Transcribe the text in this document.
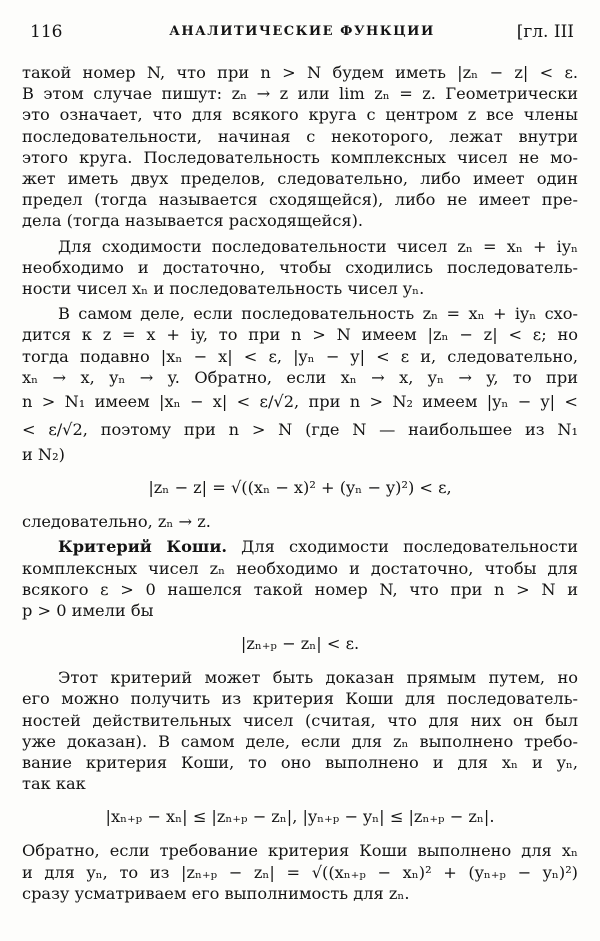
116	АНАЛИТИЧЕСКИЕ ФУНКЦИИ	[гл. III
такой номер N, что при n > N будем иметь |zₙ − z| < ε.
В этом случае пишут: zₙ → z или lim zₙ = z. Геометрически
это означает, что для всякого круга с центром z все члены
последовательности, начиная с некоторого, лежат внутри
этого круга. Последовательность комплексных чисел не мо-
жет иметь двух пределов, следовательно, либо имеет один
предел (тогда называется сходящейся), либо не имеет пре-
дела (тогда называется расходящейся).
Для сходимости последовательности чисел zₙ = xₙ + iyₙ
необходимо и достаточно, чтобы сходились последователь-
ности чисел xₙ и последовательность чисел yₙ.
В самом деле, если последовательность zₙ = xₙ + iyₙ схо-
дится к z = x + iy, то при n > N имеем |zₙ − z| < ε; но
тогда подавно |xₙ − x| < ε, |yₙ − y| < ε и, следовательно,
xₙ → x, yₙ → y. Обратно, если xₙ → x, yₙ → y, то при
n > N₁ имеем |xₙ − x| < ε/√2, при n > N₂ имеем |yₙ − y| <
< ε/√2, поэтому при n > N (где N — наибольшее из N₁
и N₂)
|zₙ − z| = √((xₙ − x)² + (yₙ − y)²) < ε,
следовательно, zₙ → z.
Критерий Коши. Для сходимости последовательности
комплексных чисел zₙ необходимо и достаточно, чтобы для
всякого ε > 0 нашелся такой номер N, что при n > N и
p > 0 имели бы
|zₙ₊ₚ − zₙ| < ε.
Этот критерий может быть доказан прямым путем, но
его можно получить из критерия Коши для последователь-
ностей действительных чисел (считая, что для них он был
уже доказан). В самом деле, если для zₙ выполнено требо-
вание критерия Коши, то оно выполнено и для xₙ и yₙ,
так как
|xₙ₊ₚ − xₙ| ≤ |zₙ₊ₚ − zₙ|, |yₙ₊ₚ − yₙ| ≤ |zₙ₊ₚ − zₙ|.
Обратно, если требование критерия Коши выполнено для xₙ
и для yₙ, то из |zₙ₊ₚ − zₙ| = √((xₙ₊ₚ − xₙ)² + (yₙ₊ₚ − yₙ)²)
сразу усматриваем его выполнимость для zₙ.
